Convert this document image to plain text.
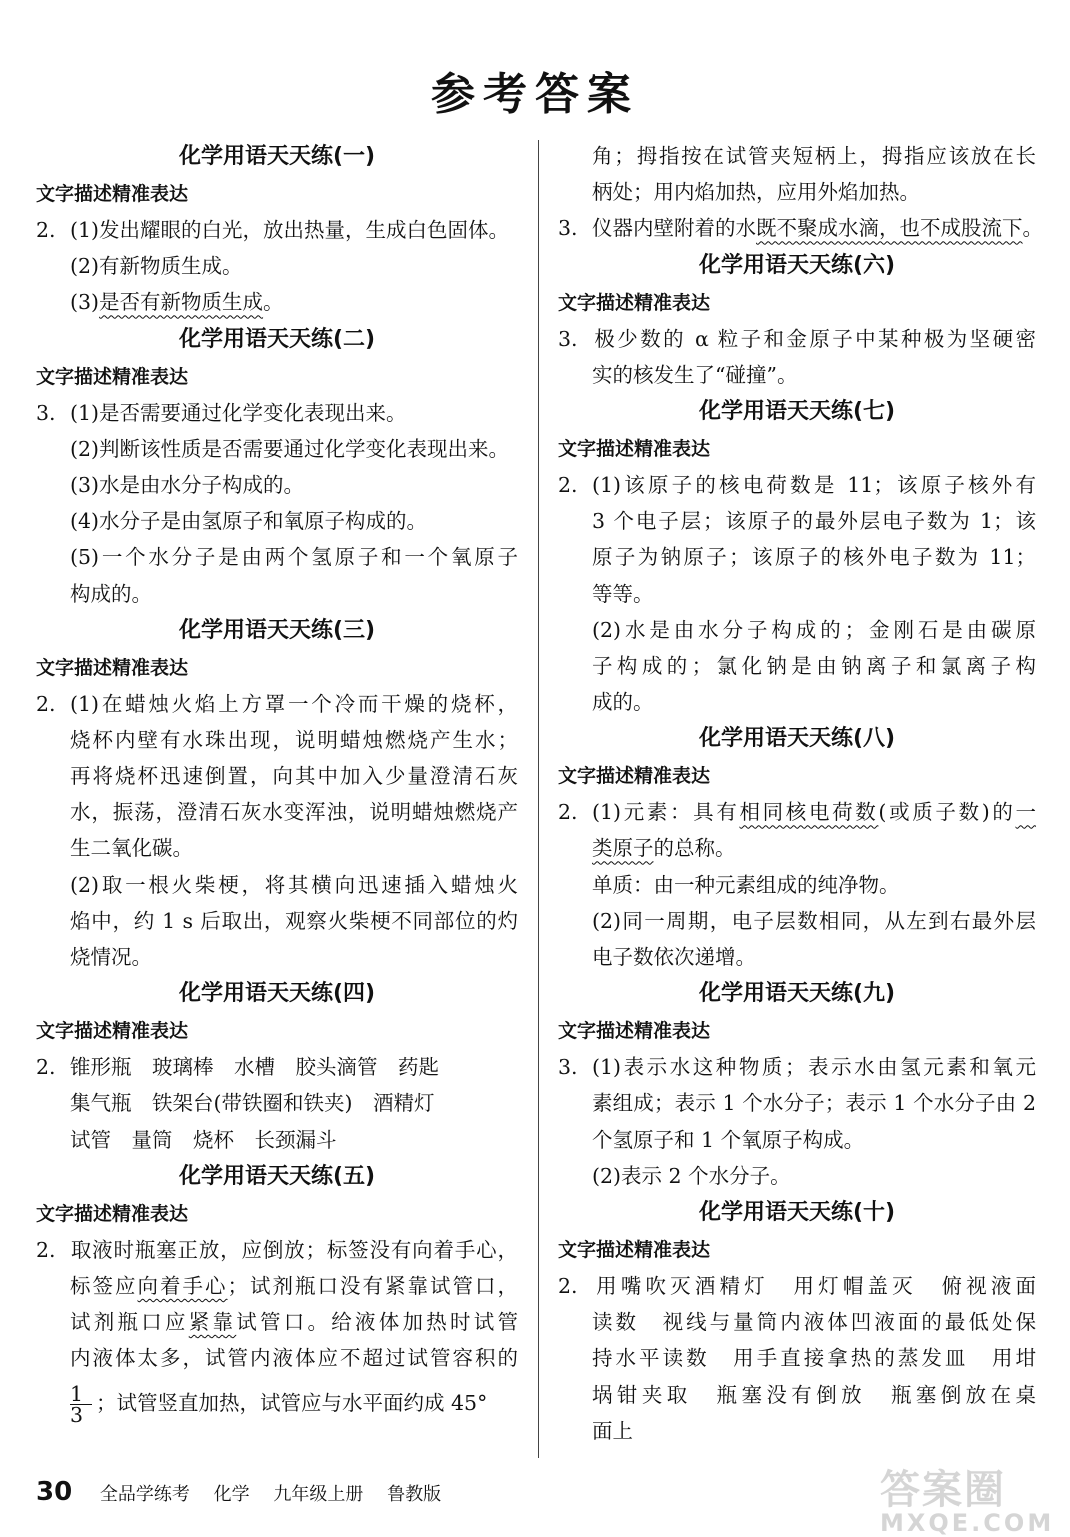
参考答案
化学用语天天练(一)
文字描述精准表达
2. (1)发出耀眼的白光，放出热量，生成白色固体。
(2)有新物质生成。
(3)是否有新物质生成。
化学用语天天练(二)
文字描述精准表达
3. (1)是否需要通过化学变化表现出来。
(2)判断该性质是否需要通过化学变化表现出来。
(3)水是由水分子构成的。
(4)水分子是由氢原子和氧原子构成的。
(5)一个水分子是由两个氢原子和一个氧原子
构成的。
化学用语天天练(三)
文字描述精准表达
2. (1)在蜡烛火焰上方罩一个冷而干燥的烧杯，
烧杯内壁有水珠出现，说明蜡烛燃烧产生水；
再将烧杯迅速倒置，向其中加入少量澄清石灰
水，振荡，澄清石灰水变浑浊，说明蜡烛燃烧产
生二氧化碳。
(2)取一根火柴梗，将其横向迅速插入蜡烛火
焰中，约 1 s 后取出，观察火柴梗不同部位的灼
烧情况。
化学用语天天练(四)
文字描述精准表达
2. 锥形瓶　玻璃棒　水槽　胶头滴管　药匙
集气瓶　铁架台(带铁圈和铁夹)　酒精灯
试管　量筒　烧杯　长颈漏斗
化学用语天天练(五)
文字描述精准表达
2. 取液时瓶塞正放，应倒放；标签没有向着手心，
标签应向着手心；试剂瓶口没有紧靠试管口，
试剂瓶口应紧靠试管口。给液体加热时试管
内液体太多，试管内液体应不超过试管容积的
$\frac{1}{3}$ ；试管竖直加热，试管应与水平面约成 45°
角；拇指按在试管夹短柄上，拇指应该放在长
柄处；用内焰加热，应用外焰加热。
3. 仪器内壁附着的水既不聚成水滴，也不成股流下。
化学用语天天练(六)
文字描述精准表达
3. 极少数的 α 粒子和金原子中某种极为坚硬密
实的核发生了“碰撞”。
化学用语天天练(七)
文字描述精准表达
2. (1)该原子的核电荷数是 11；该原子核外有
3 个电子层；该原子的最外层电子数为 1；该
原子为钠原子；该原子的核外电子数为 11；
等等。
(2)水是由水分子构成的；金刚石是由碳原
子构成的；氯化钠是由钠离子和氯离子构
成的。
化学用语天天练(八)
文字描述精准表达
2. (1)元素：具有相同核电荷数(或质子数)的一
类原子的总称。
单质：由一种元素组成的纯净物。
(2)同一周期，电子层数相同，从左到右最外层
电子数依次递增。
化学用语天天练(九)
文字描述精准表达
3. (1)表示水这种物质；表示水由氢元素和氧元
素组成；表示 1 个水分子；表示 1 个水分子由 2
个氢原子和 1 个氧原子构成。
(2)表示 2 个水分子。
化学用语天天练(十)
文字描述精准表达
2. 用嘴吹灭酒精灯　用灯帽盖灭　俯视液面
读数　视线与量筒内液体凹液面的最低处保
持水平读数　用手直接拿热的蒸发皿　用坩
埚钳夹取　瓶塞没有倒放　瓶塞倒放在桌
面上
30 全品学练考 化学 九年级上册 鲁教版	答案圈
MXQE.COM
